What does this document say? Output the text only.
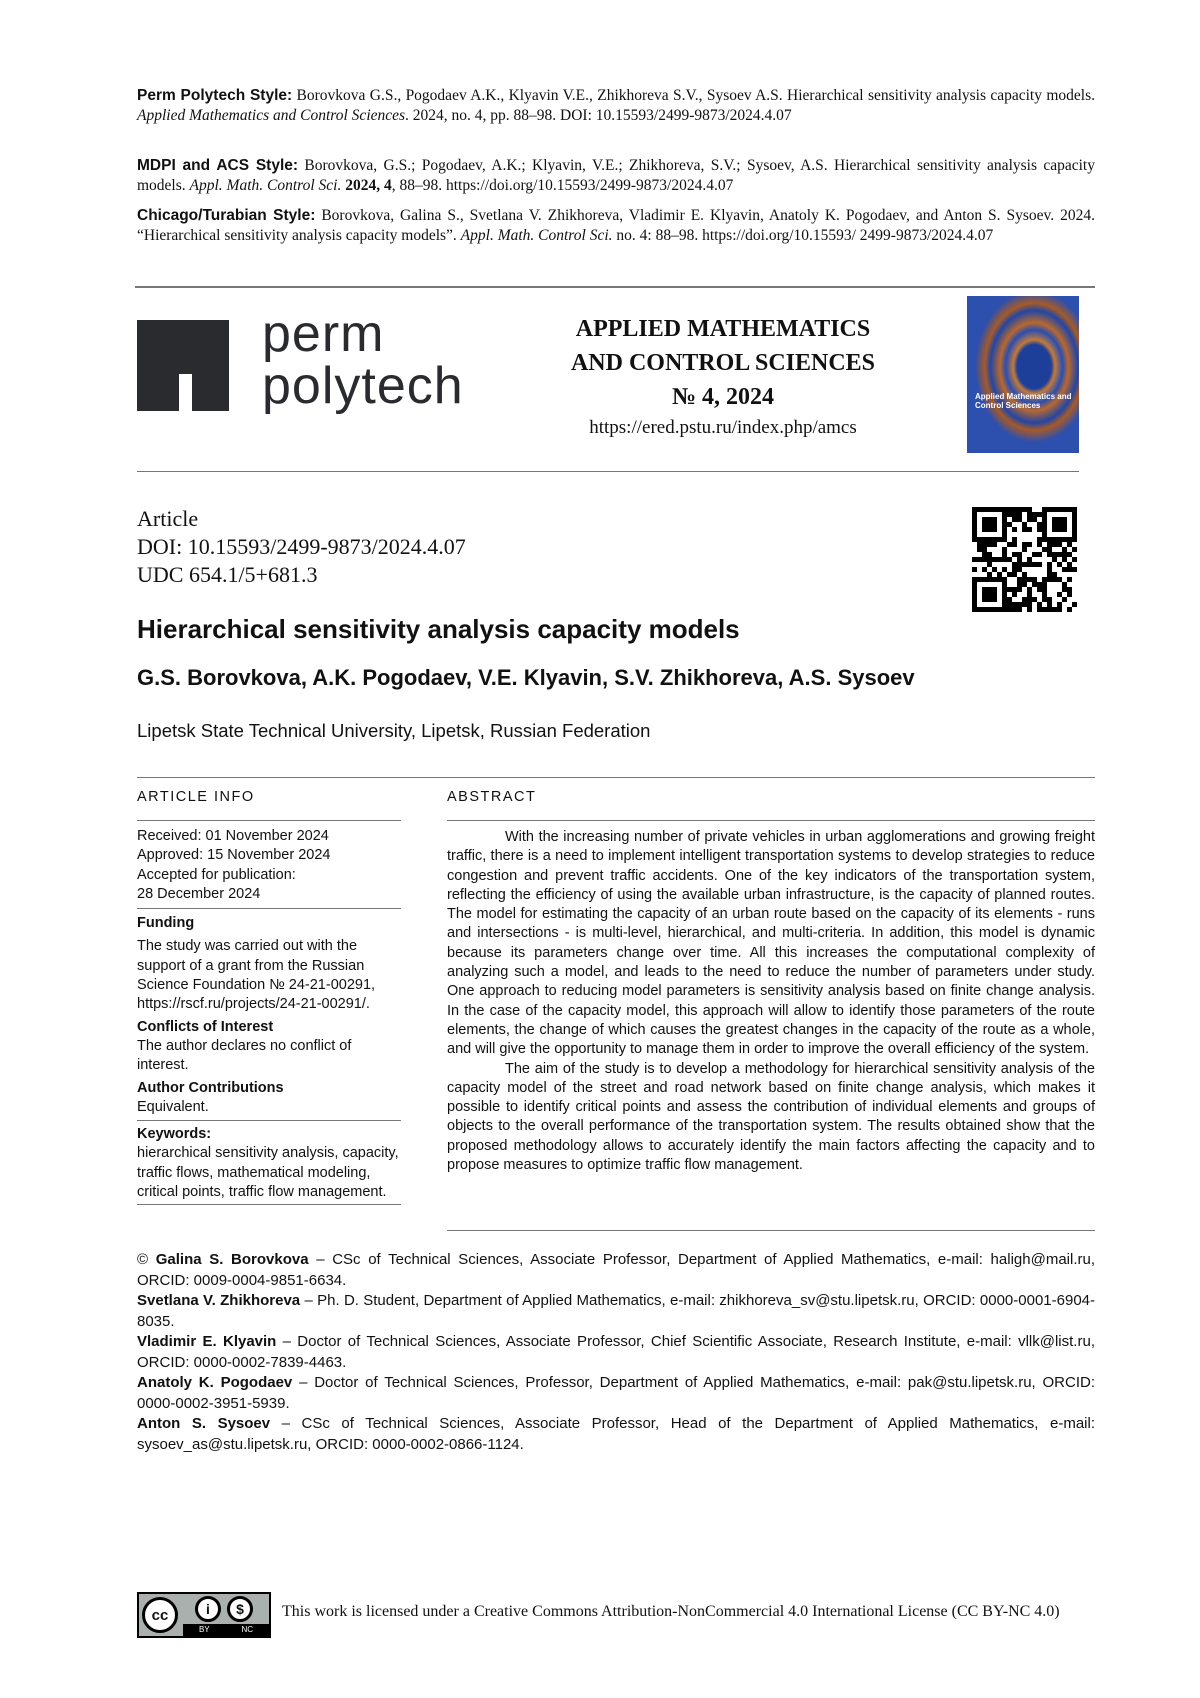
Perm Polytech Style: Borovkova G.S., Pogodaev A.K., Klyavin V.E., Zhikhoreva S.V., Sysoev A.S. Hierarchical sensitivity analysis capacity models. Applied Mathematics and Control Sciences. 2024, no. 4, pp. 88–98. DOI: 10.15593/2499-9873/2024.4.07
MDPI and ACS Style: Borovkova, G.S.; Pogodaev, A.K.; Klyavin, V.E.; Zhikhoreva, S.V.; Sysoev, A.S. Hierarchical sensitivity analysis capacity models. Appl. Math. Control Sci. 2024, 4, 88–98. https://doi.org/10.15593/2499-9873/2024.4.07
Chicago/Turabian Style: Borovkova, Galina S., Svetlana V. Zhikhoreva, Vladimir E. Klyavin, Anatoly K. Pogodaev, and Anton S. Sysoev. 2024. “Hierarchical sensitivity analysis capacity models”. Appl. Math. Control Sci. no. 4: 88–98. https://doi.org/10.15593/ 2499-9873/2024.4.07
perm
polytech
APPLIED MATHEMATICS
AND CONTROL SCIENCES
№ 4, 2024
https://ered.pstu.ru/index.php/amcs
Applied Mathematics and Control Sciences
Article
DOI: 10.15593/2499-9873/2024.4.07
UDC 654.1/5+681.3
Hierarchical sensitivity analysis capacity models
G.S. Borovkova, A.K. Pogodaev, V.E. Klyavin, S.V. Zhikhoreva, A.S. Sysoev
Lipetsk State Technical University, Lipetsk, Russian Federation
ARTICLE INFO	ABSTRACT
Received: 01 November 2024
Approved: 15 November 2024
Accepted for publication:
28 December 2024
Funding
The study was carried out with the support of a grant from the Russian Science Foundation № 24-21-00291, https://rscf.ru/projects/24-21-00291/.
Conflicts of Interest
The author declares no conflict of interest.
Author Contributions
Equivalent.
Keywords:
hierarchical sensitivity analysis, capacity, traffic flows, mathematical modeling, critical points, traffic flow management.

With the increasing number of private vehicles in urban agglomerations and growing freight traffic, there is a need to implement intelligent transportation systems to develop strategies to reduce congestion and prevent traffic accidents. One of the key indicators of the transportation system, reflecting the efficiency of using the available urban infrastructure, is the capacity of planned routes. The model for estimating the capacity of an urban route based on the capacity of its elements - runs and intersections - is multi-level, hierarchical, and multi-criteria. In addition, this model is dynamic because its parameters change over time. All this increases the computational complexity of analyzing such a model, and leads to the need to reduce the number of parameters under study. One approach to reducing model parameters is sensitivity analysis based on finite change analysis. In the case of the capacity model, this approach will allow to identify those parameters of the route elements, the change of which causes the greatest changes in the capacity of the route as a whole, and will give the opportunity to manage them in order to improve the overall efficiency of the system.

The aim of the study is to develop a methodology for hierarchical sensitivity analysis of the capacity model of the street and road network based on finite change analysis, which makes it possible to identify critical points and assess the contribution of individual elements and groups of objects to the overall performance of the transportation system. The results obtained show that the proposed methodology allows to accurately identify the main factors affecting the capacity and to propose measures to optimize traffic flow management.

© Galina S. Borovkova – CSc of Technical Sciences, Associate Professor, Department of Applied Mathematics, e-mail: haligh@mail.ru, ORCID: 0009-0004-9851-6634.
Svetlana V. Zhikhoreva – Ph. D. Student, Department of Applied Mathematics, e-mail: zhikhoreva_sv@stu.lipetsk.ru, ORCID: 0000-0001-6904-8035.
Vladimir E. Klyavin – Doctor of Technical Sciences, Associate Professor, Chief Scientific Associate, Research Institute, e-mail: vllk@list.ru, ORCID: 0000-0002-7839-4463.
Anatoly K. Pogodaev – Doctor of Technical Sciences, Professor, Department of Applied Mathematics, e-mail: pak@stu.lipetsk.ru, ORCID: 0000-0002-3951-5939.
Anton S. Sysoev – CSc of Technical Sciences, Associate Professor, Head of the Department of Applied Mathematics, e-mail: sysoev_as@stu.lipetsk.ru, ORCID: 0000-0002-0866-1124.
cc	i	$
BY	NC
This work is licensed under a Creative Commons Attribution-NonCommercial 4.0 International License (CC BY-NC 4.0)
